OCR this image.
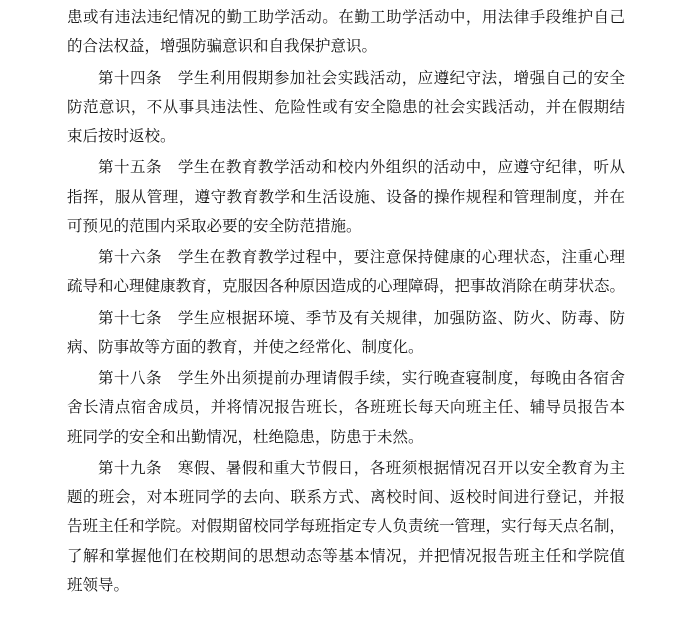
患或有违法违纪情况的勤工助学活动。在勤工助学活动中，用法律手段维护自己
的合法权益，增强防骗意识和自我保护意识。
第十四条　学生利用假期参加社会实践活动，应遵纪守法，增强自己的安全
防范意识，不从事具违法性、危险性或有安全隐患的社会实践活动，并在假期结
束后按时返校。
第十五条　学生在教育教学活动和校内外组织的活动中，应遵守纪律，听从
指挥，服从管理，遵守教育教学和生活设施、设备的操作规程和管理制度，并在
可预见的范围内采取必要的安全防范措施。
第十六条　学生在教育教学过程中，要注意保持健康的心理状态，注重心理
疏导和心理健康教育，克服因各种原因造成的心理障碍，把事故消除在萌芽状态。
第十七条　学生应根据环境、季节及有关规律，加强防盗、防火、防毒、防
病、防事故等方面的教育，并使之经常化、制度化。
第十八条　学生外出须提前办理请假手续，实行晚查寝制度，每晚由各宿舍
舍长清点宿舍成员，并将情况报告班长，各班班长每天向班主任、辅导员报告本
班同学的安全和出勤情况，杜绝隐患，防患于未然。
第十九条　寒假、暑假和重大节假日，各班须根据情况召开以安全教育为主
题的班会，对本班同学的去向、联系方式、离校时间、返校时间进行登记，并报
告班主任和学院。对假期留校同学每班指定专人负责统一管理，实行每天点名制，
了解和掌握他们在校期间的思想动态等基本情况，并把情况报告班主任和学院值
班领导。
